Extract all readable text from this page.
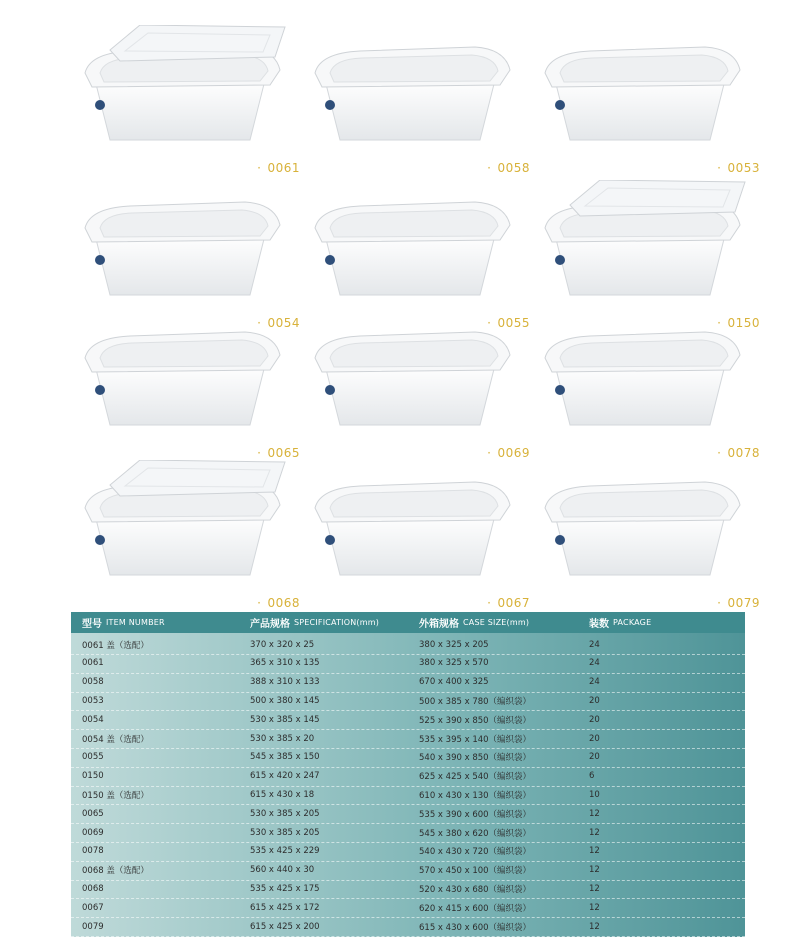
· 0061	· 0058	· 0053
· 0054	· 0055	· 0150
· 0065	· 0069	· 0078
· 0068	· 0067	· 0079
型号 ITEM NUMBER	产品规格 SPECIFICATION(mm)	外箱规格 CASE SIZE(mm)	装数 PACKAGE
0061 盖（选配）	370 x 320 x 25	380 x 325 x 205	24
0061	365 x 310 x 135	380 x 325 x 570	24
0058	388 x 310 x 133	670 x 400 x 325	24
0053	500 x 380 x 145	500 x 385 x 780（编织袋）	20
0054	530 x 385 x 145	525 x 390 x 850（编织袋）	20
0054 盖（选配）	530 x 385 x 20	535 x 395 x 140（编织袋）	20
0055	545 x 385 x 150	540 x 390 x 850（编织袋）	20
0150	615 x 420 x 247	625 x 425 x 540（编织袋）	6
0150 盖（选配）	615 x 430 x 18	610 x 430 x 130（编织袋）	10
0065	530 x 385 x 205	535 x 390 x 600（编织袋）	12
0069	530 x 385 x 205	545 x 380 x 620（编织袋）	12
0078	535 x 425 x 229	540 x 430 x 720（编织袋）	12
0068 盖（选配）	560 x 440 x 30	570 x 450 x 100（编织袋）	12
0068	535 x 425 x 175	520 x 430 x 680（编织袋）	12
0067	615 x 425 x 172	620 x 415 x 600（编织袋）	12
0079	615 x 425 x 200	615 x 430 x 600（编织袋）	12
